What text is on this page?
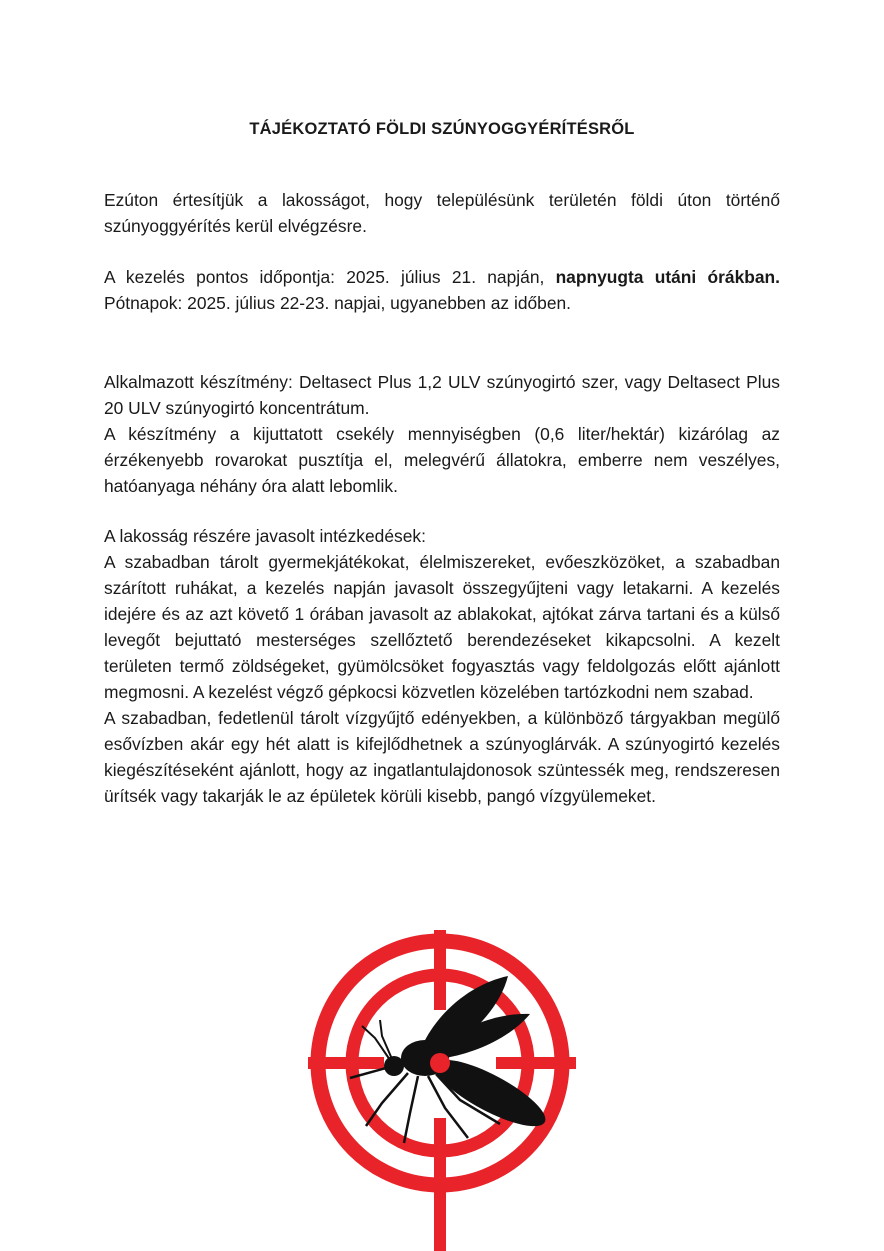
TÁJÉKOZTATÓ FÖLDI SZÚNYOGGYÉRÍTÉSRŐL

Ezúton értesítjük a lakosságot, hogy településünk területén földi úton történő szúnyoggyérítés kerül elvégzésre.

A kezelés pontos időpontja: 2025. július 21. napján, napnyugta utáni órákban. Pótnapok: 2025. július 22-23. napjai, ugyanebben az időben.

Alkalmazott készítmény: Deltasect Plus 1,2 ULV szúnyogirtó szer, vagy Deltasect Plus 20 ULV szúnyogirtó koncentrátum.

A készítmény a kijuttatott csekély mennyiségben (0,6 liter/hektár) kizárólag az érzékenyebb rovarokat pusztítja el, melegvérű állatokra, emberre nem veszélyes, hatóanyaga néhány óra alatt lebomlik.

A lakosság részére javasolt intézkedések:

A szabadban tárolt gyermekjátékokat, élelmiszereket, evőeszközöket, a szabadban szárított ruhákat, a kezelés napján javasolt összegyűjteni vagy letakarni. A kezelés idejére és az azt követő 1 órában javasolt az ablakokat, ajtókat zárva tartani és a külső levegőt bejuttató mesterséges szellőztető berendezéseket kikapcsolni. A kezelt területen termő zöldségeket, gyümölcsöket fogyasztás vagy feldolgozás előtt ajánlott megmosni. A kezelést végző gépkocsi közvetlen közelében tartózkodni nem szabad.

A szabadban, fedetlenül tárolt vízgyűjtő edényekben, a különböző tárgyakban megülő esővízben akár egy hét alatt is kifejlődhetnek a szúnyoglárvák. A szúnyogirtó kezelés kiegészítéseként ajánlott, hogy az ingatlantulajdonosok szüntessék meg, rendszeresen ürítsék vagy takarják le az épületek körüli kisebb, pangó vízgyülemeket.
